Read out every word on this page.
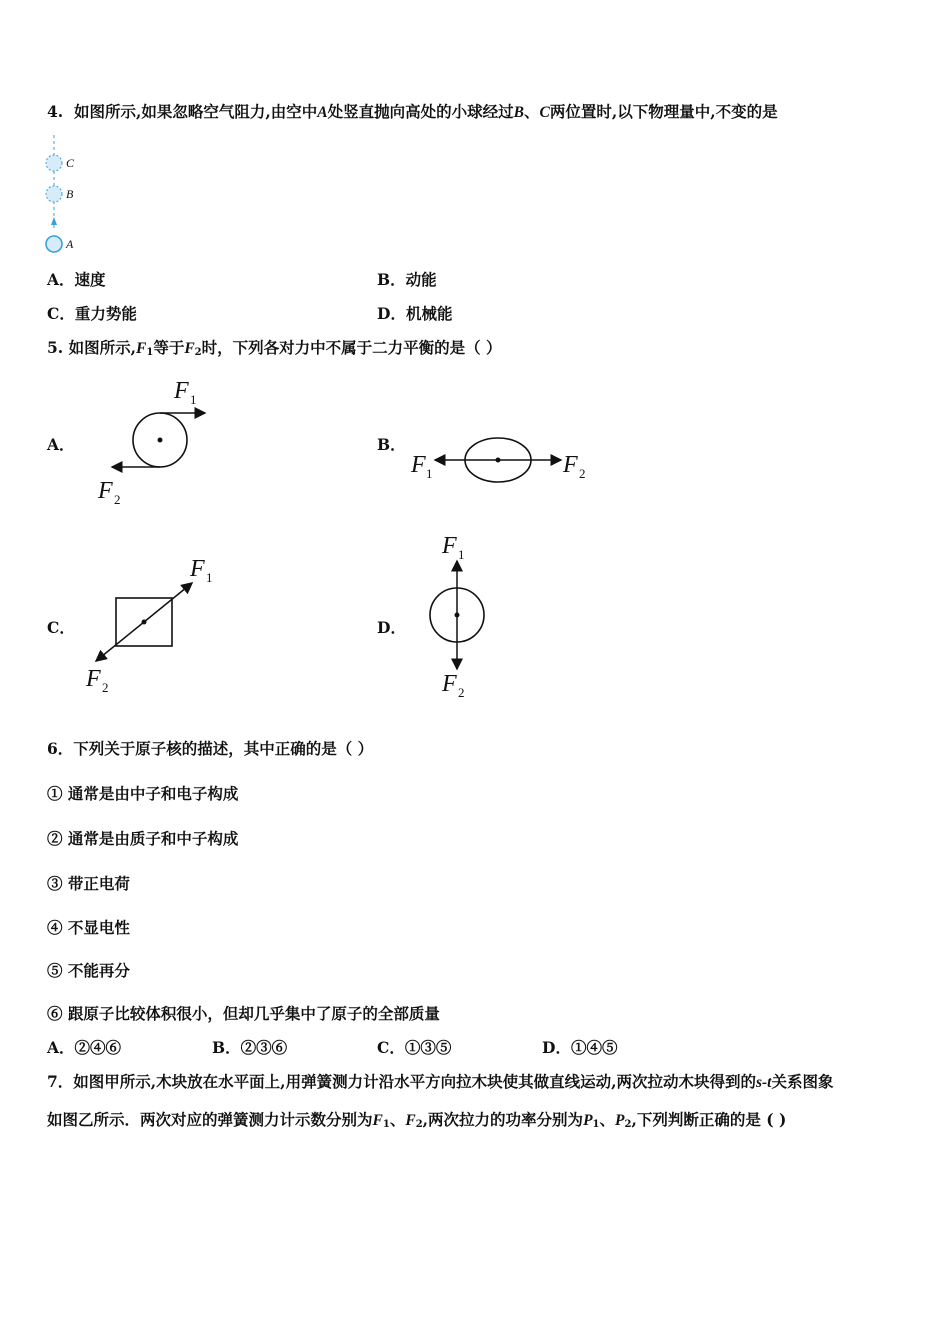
4. 如图所示,如果忽略空气阻力,由空中A处竖直抛向高处的小球经过B、C两位置时,以下物理量中,不变的是
C
B
A
A．速度	B．动能
C．重力势能	D．机械能
5. 如图所示$,F_1$等于$F_2$时，下列各对力中不属于二力平衡的是（ ）
A．	B．
C．	D．
F 1
F 2
F 1	F 2
F 1
F 2
F 1
F 2
6．下列关于原子核的描述，其中正确的是（ ）
① 通常是由中子和电子构成
② 通常是由质子和中子构成
③ 带正电荷
④ 不显电性
⑤ 不能再分
⑥ 跟原子比较体积很小，但却几乎集中了原子的全部质量
A．②④⑥	B．②③⑥	C．①③⑤	D．①④⑤
7．如图甲所示,木块放在水平面上,用弹簧测力计沿水平方向拉木块使其做直线运动,两次拉动木块得到的s-t关系图象
如图乙所示．两次对应的弹簧测力计示数分别为$F_1$、$F_2$,两次拉力的功率分别为$P_1$、$P_2$,下列判断正确的是 ( )
